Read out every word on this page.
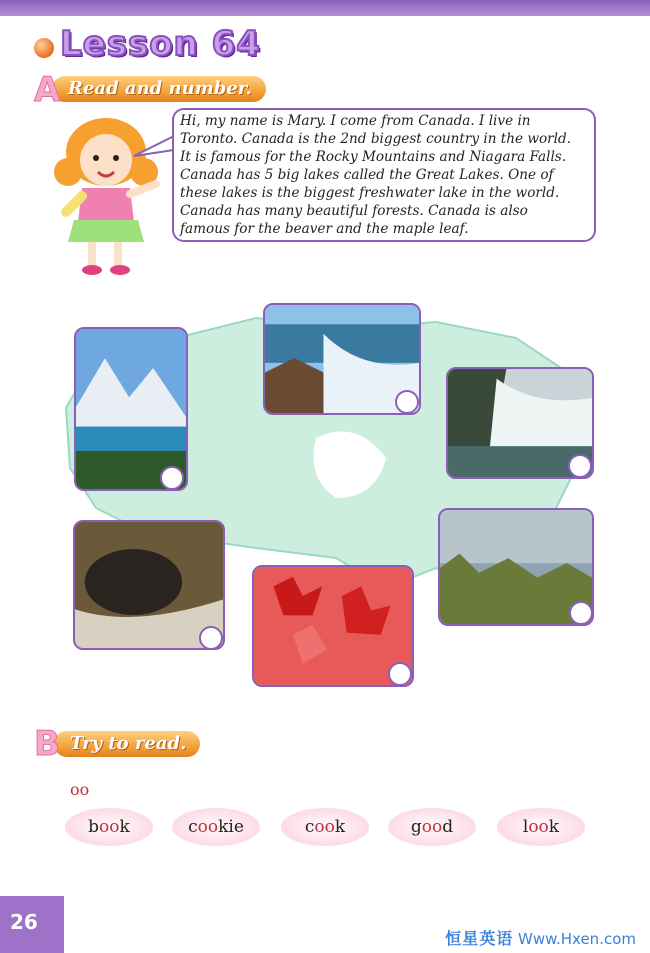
Lesson 64
Read and number.
A

Hi, my name is Mary. I come from Canada. I live in
Toronto. Canada is the 2nd biggest country in the world.
It is famous for the Rocky Mountains and Niagara Falls.
Canada has 5 big lakes called the Great Lakes. One of
these lakes is the biggest freshwater lake in the world.
Canada has many beautiful forests. Canada is also
famous for the beaver and the maple leaf.

Try to read.
B
oo
book	cookie	cook	good	look
26
恒星英语 Www.Hxen.com
